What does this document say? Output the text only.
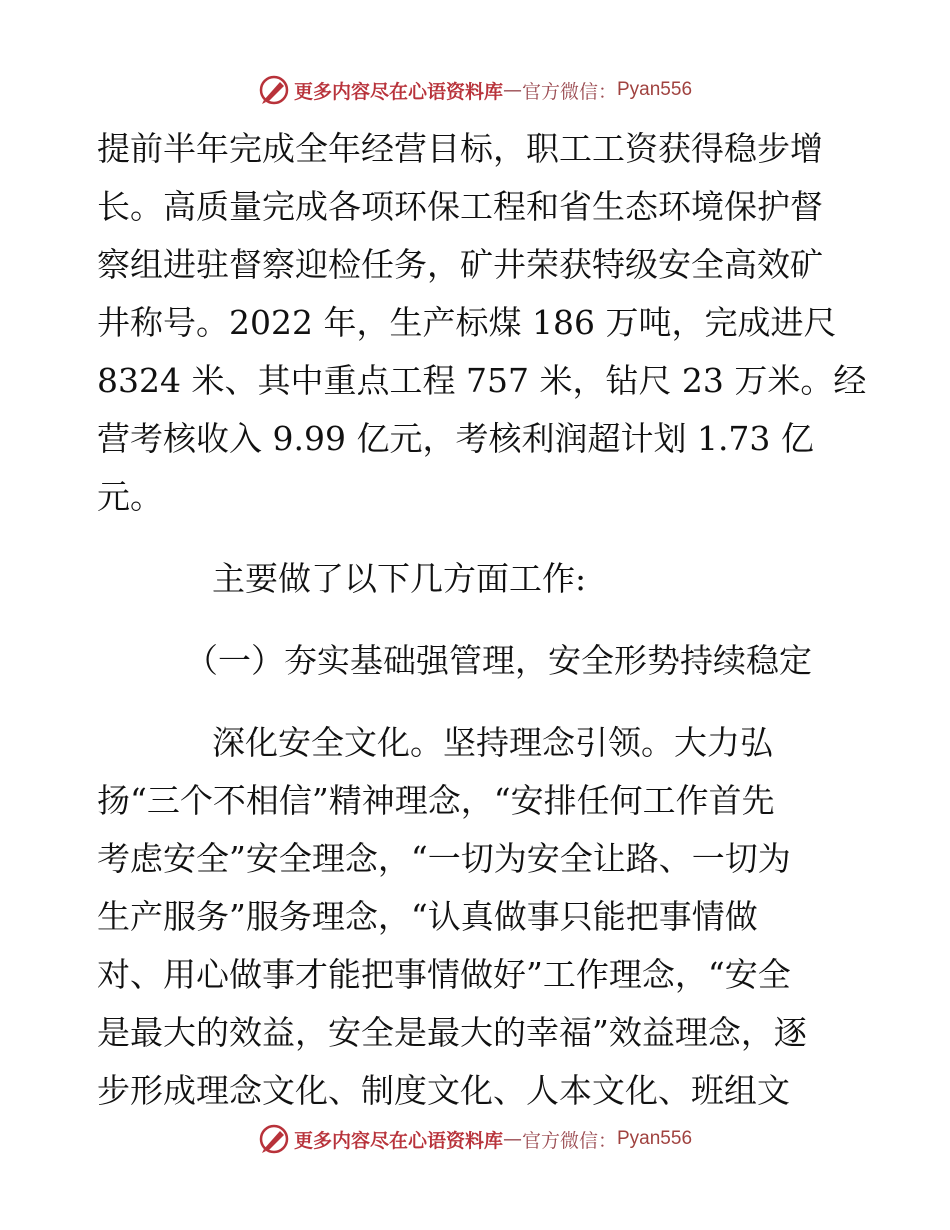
更多内容尽在心语资料库 — 官方微信： Pyan556
提前半年完成全年经营目标，职工工资获得稳步增
长。高质量完成各项环保工程和省生态环境保护督
察组进驻督察迎检任务，矿井荣获特级安全高效矿
井称号。2022 年，生产标煤 186 万吨，完成进尺
8324 米、其中重点工程 757 米，钻尺 23 万米。经
营考核收入 9.99 亿元，考核利润超计划 1.73 亿
元。
主要做了以下几方面工作:
（一）夯实基础强管理，安全形势持续稳定
深化安全文化。坚持理念引领。大力弘
扬“三个不相信”精神理念，“安排任何工作首先
考虑安全”安全理念，“一切为安全让路、一切为
生产服务”服务理念，“认真做事只能把事情做
对、用心做事才能把事情做好”工作理念，“安全
是最大的效益，安全是最大的幸福”效益理念，逐
步形成理念文化、制度文化、人本文化、班组文
更多内容尽在心语资料库 — 官方微信： Pyan556
